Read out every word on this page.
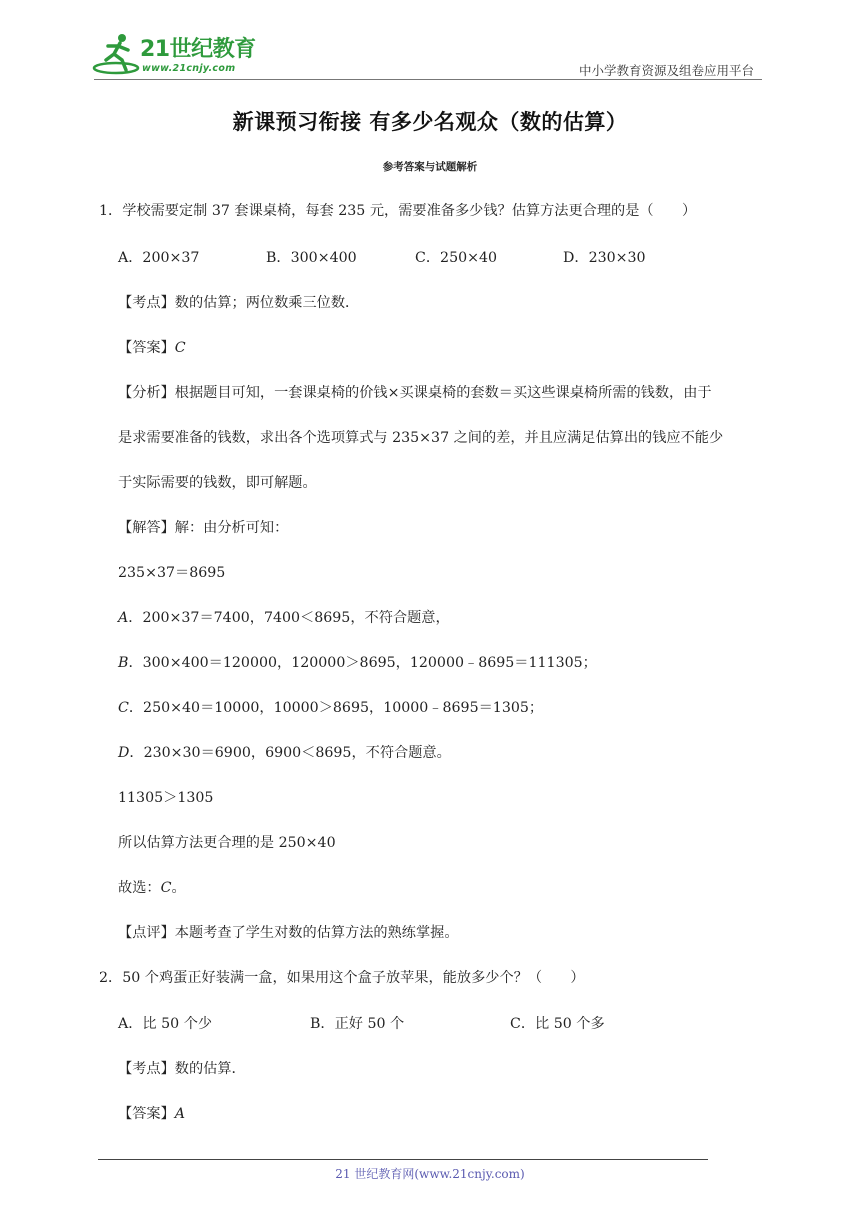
21世纪教育
www.21cnjy.com	中小学教育资源及组卷应用平台
新课预习衔接 有多少名观众（数的估算）
参考答案与试题解析
1．学校需要定制 37 套课桌椅，每套 235 元，需要准备多少钱？估算方法更合理的是（　　）
A．200×37	B．300×400	C．250×40	D．230×30
【考点】数的估算；两位数乘三位数．
【答案】C
【分析】根据题目可知，一套课桌椅的价钱×买课桌椅的套数＝买这些课桌椅所需的钱数，由于
是求需要准备的钱数，求出各个选项算式与 235×37 之间的差，并且应满足估算出的钱应不能少
于实际需要的钱数，即可解题。
【解答】解：由分析可知：
235×37＝8695
A．200×37＝7400，7400＜8695，不符合题意，
B．300×400＝120000，120000＞8695，120000﹣8695＝111305；
C．250×40＝10000，10000＞8695，10000﹣8695＝1305；
D．230×30＝6900，6900＜8695，不符合题意。
11305＞1305
所以估算方法更合理的是 250×40
故选：C。
【点评】本题考查了学生对数的估算方法的熟练掌握。
2．50 个鸡蛋正好装满一盒，如果用这个盒子放苹果，能放多少个？（　　）
A．比 50 个少	B．正好 50 个	C．比 50 个多
【考点】数的估算．
【答案】A
21 世纪教育网(www.21cnjy.com)
